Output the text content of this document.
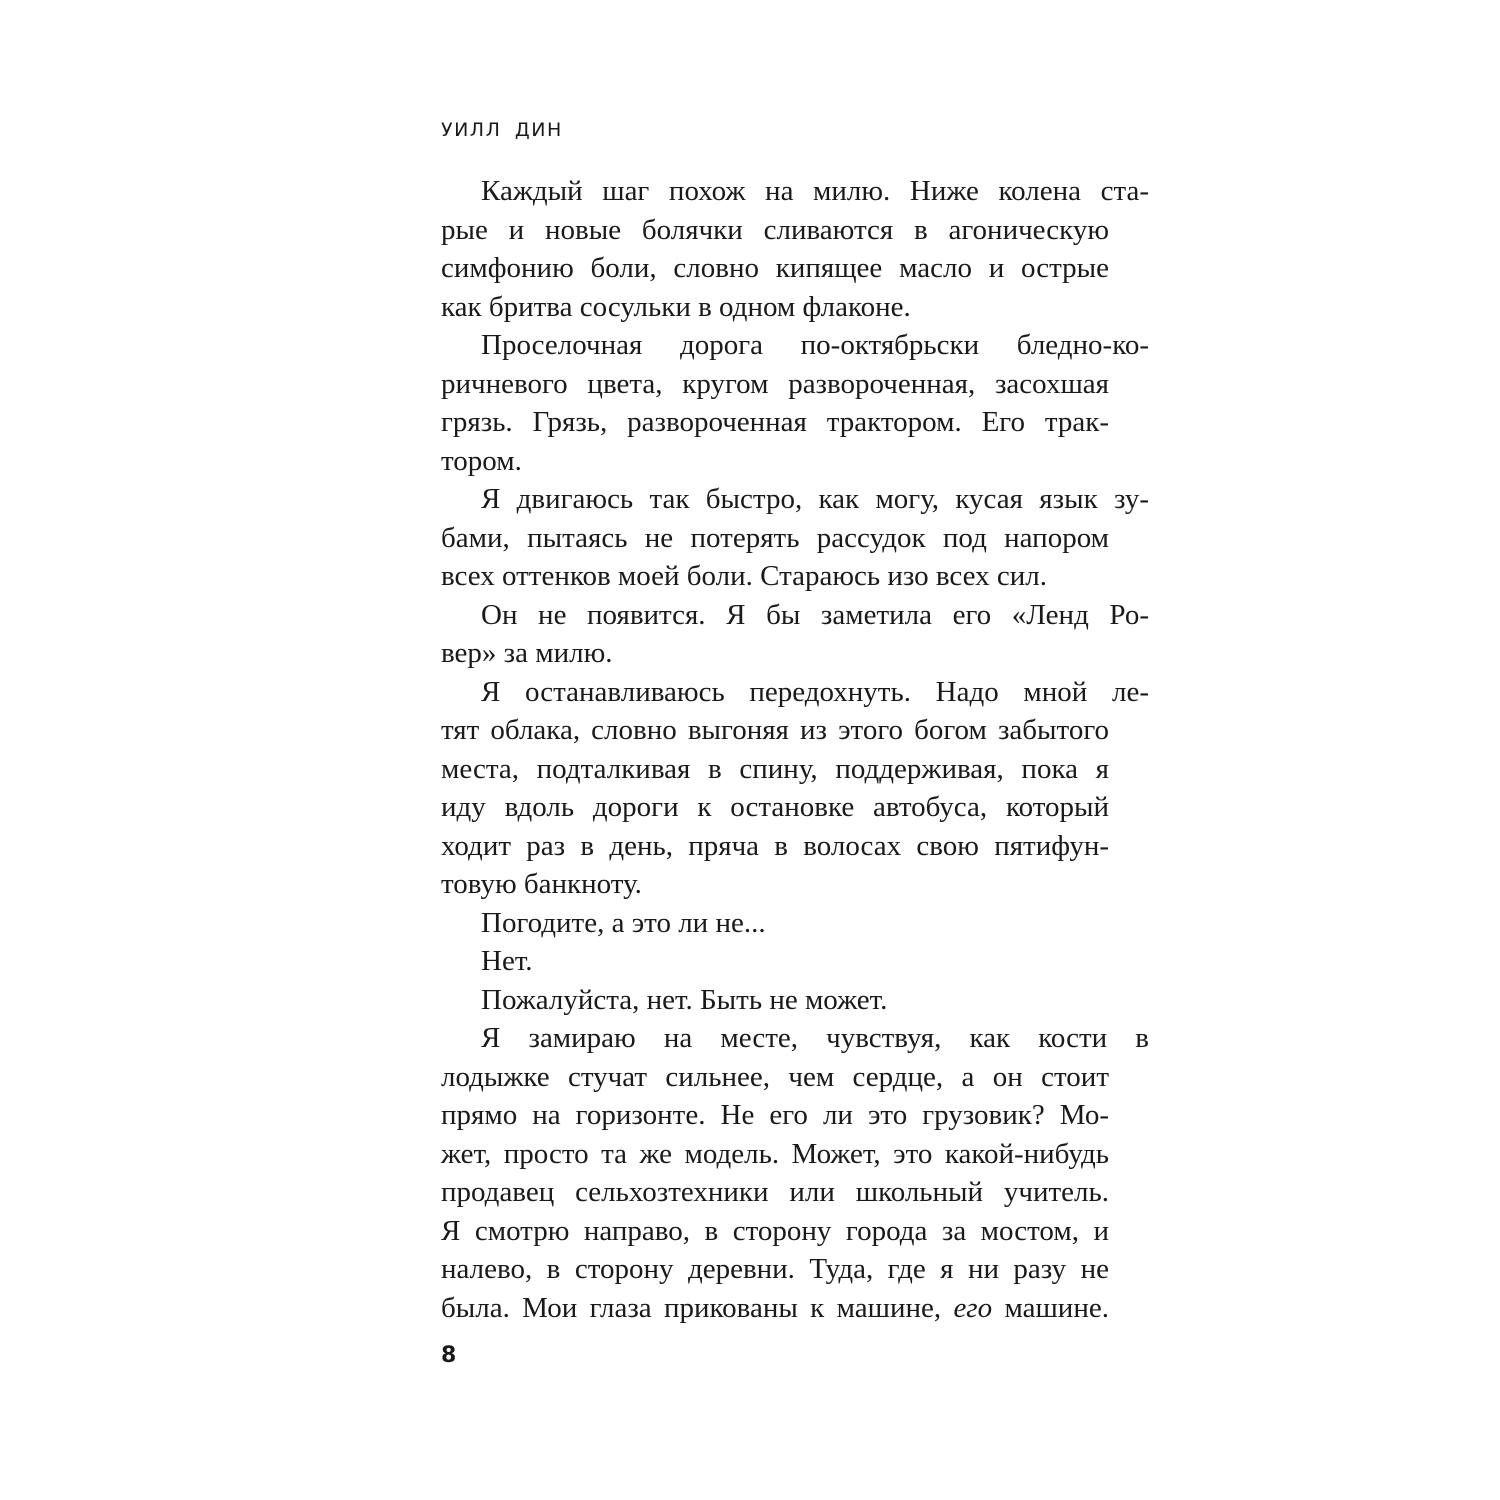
УИЛЛ ДИН
Каждый шаг похож на милю. Ниже колена ста-
рые и новые болячки сливаются в агоническую
симфонию боли, словно кипящее масло и острые
как бритва сосульки в одном флаконе.
Проселочная дорога по-октябрьски бледно-ко-
ричневого цвета, кругом развороченная, засохшая
грязь. Грязь, развороченная трактором. Его трак-
тором.
Я двигаюсь так быстро, как могу, кусая язык зу-
бами, пытаясь не потерять рассудок под напором
всех оттенков моей боли. Стараюсь изо всех сил.
Он не появится. Я бы заметила его «Ленд Ро-
вер» за милю.
Я останавливаюсь передохнуть. Надо мной ле-
тят облака, словно выгоняя из этого богом забытого
места, подталкивая в спину, поддерживая, пока я
иду вдоль дороги к остановке автобуса, который
ходит раз в день, пряча в волосах свою пятифун-
товую банкноту.
Погодите, а это ли не...
Нет.
Пожалуйста, нет. Быть не может.
Я замираю на месте, чувствуя, как кости в
лодыжке стучат сильнее, чем сердце, а он стоит
прямо на горизонте. Не его ли это грузовик? Мо-
жет, просто та же модель. Может, это какой-нибудь
продавец сельхозтехники или школьный учитель.
Я смотрю направо, в сторону города за мостом, и
налево, в сторону деревни. Туда, где я ни разу не
была. Мои глаза прикованы к машине, его машине.
8
